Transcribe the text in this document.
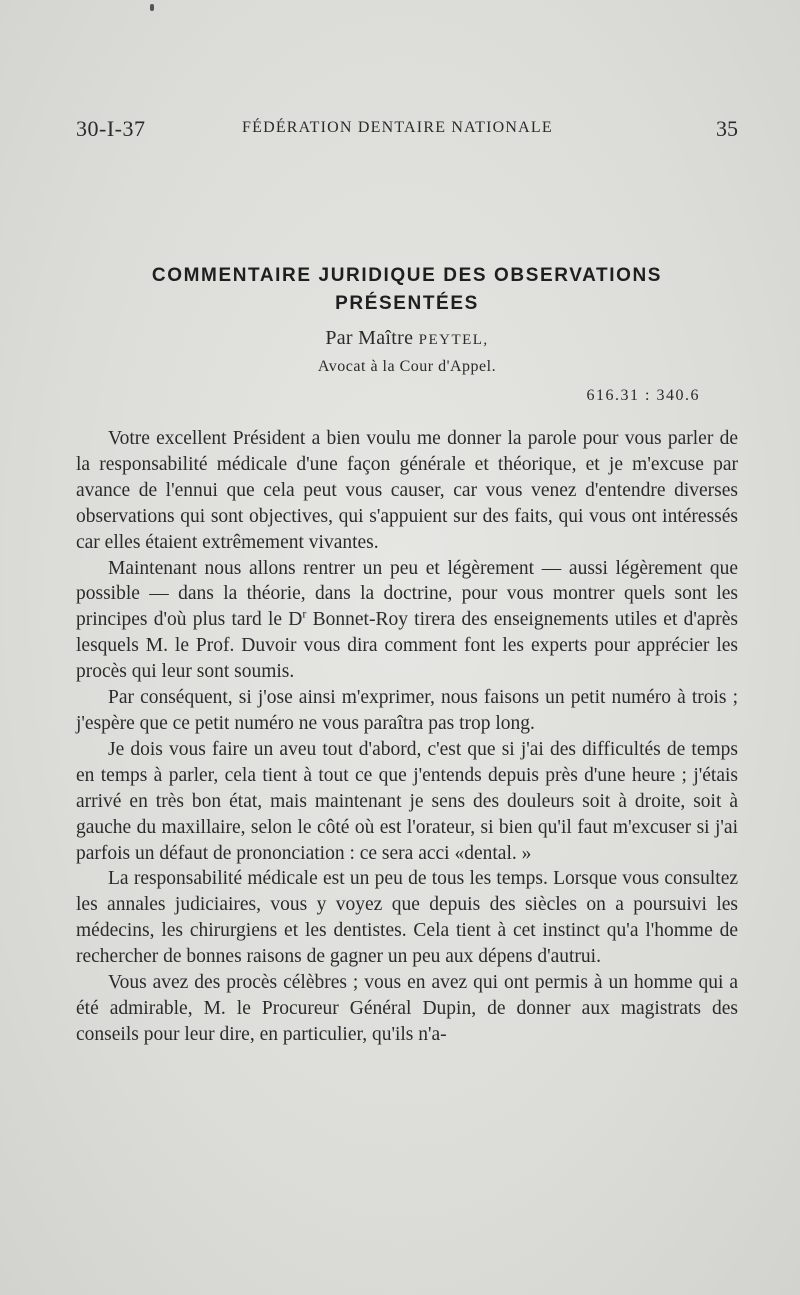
30-I-37	FÉDÉRATION DENTAIRE NATIONALE	35
COMMENTAIRE JURIDIQUE DES OBSERVATIONS
PRÉSENTÉES
Par Maître PEYTEL,
Avocat à la Cour d'Appel.
616.31 : 340.6

Votre excellent Président a bien voulu me donner la parole pour vous parler de la responsabilité médicale d'une façon générale et théorique, et je m'excuse par avance de l'ennui que cela peut vous causer, car vous venez d'entendre diverses observations qui sont objectives, qui s'appuient sur des faits, qui vous ont intéressés car elles étaient extrêmement vivantes.

Maintenant nous allons rentrer un peu et légèrement — aussi légèrement que possible — dans la théorie, dans la doctrine, pour vous montrer quels sont les principes d'où plus tard le $D^r$ Bonnet-Roy tirera des enseignements utiles et d'après lesquels M. le Prof. Duvoir vous dira comment font les experts pour apprécier les procès qui leur sont soumis.

Par conséquent, si j'ose ainsi m'exprimer, nous faisons un petit numéro à trois ; j'espère que ce petit numéro ne vous paraîtra pas trop long.

Je dois vous faire un aveu tout d'abord, c'est que si j'ai des difficultés de temps en temps à parler, cela tient à tout ce que j'entends depuis près d'une heure ; j'étais arrivé en très bon état, mais maintenant je sens des douleurs soit à droite, soit à gauche du maxillaire, selon le côté où est l'orateur, si bien qu'il faut m'excuser si j'ai parfois un défaut de prononciation : ce sera acci «dental. »

La responsabilité médicale est un peu de tous les temps. Lorsque vous consultez les annales judiciaires, vous y voyez que depuis des siècles on a poursuivi les médecins, les chirurgiens et les dentistes. Cela tient à cet instinct qu'a l'homme de rechercher de bonnes raisons de gagner un peu aux dépens d'autrui.

Vous avez des procès célèbres ; vous en avez qui ont permis à un homme qui a été admirable, M. le Procureur Général Dupin, de donner aux magistrats des conseils pour leur dire, en particulier, qu'ils n'a-
